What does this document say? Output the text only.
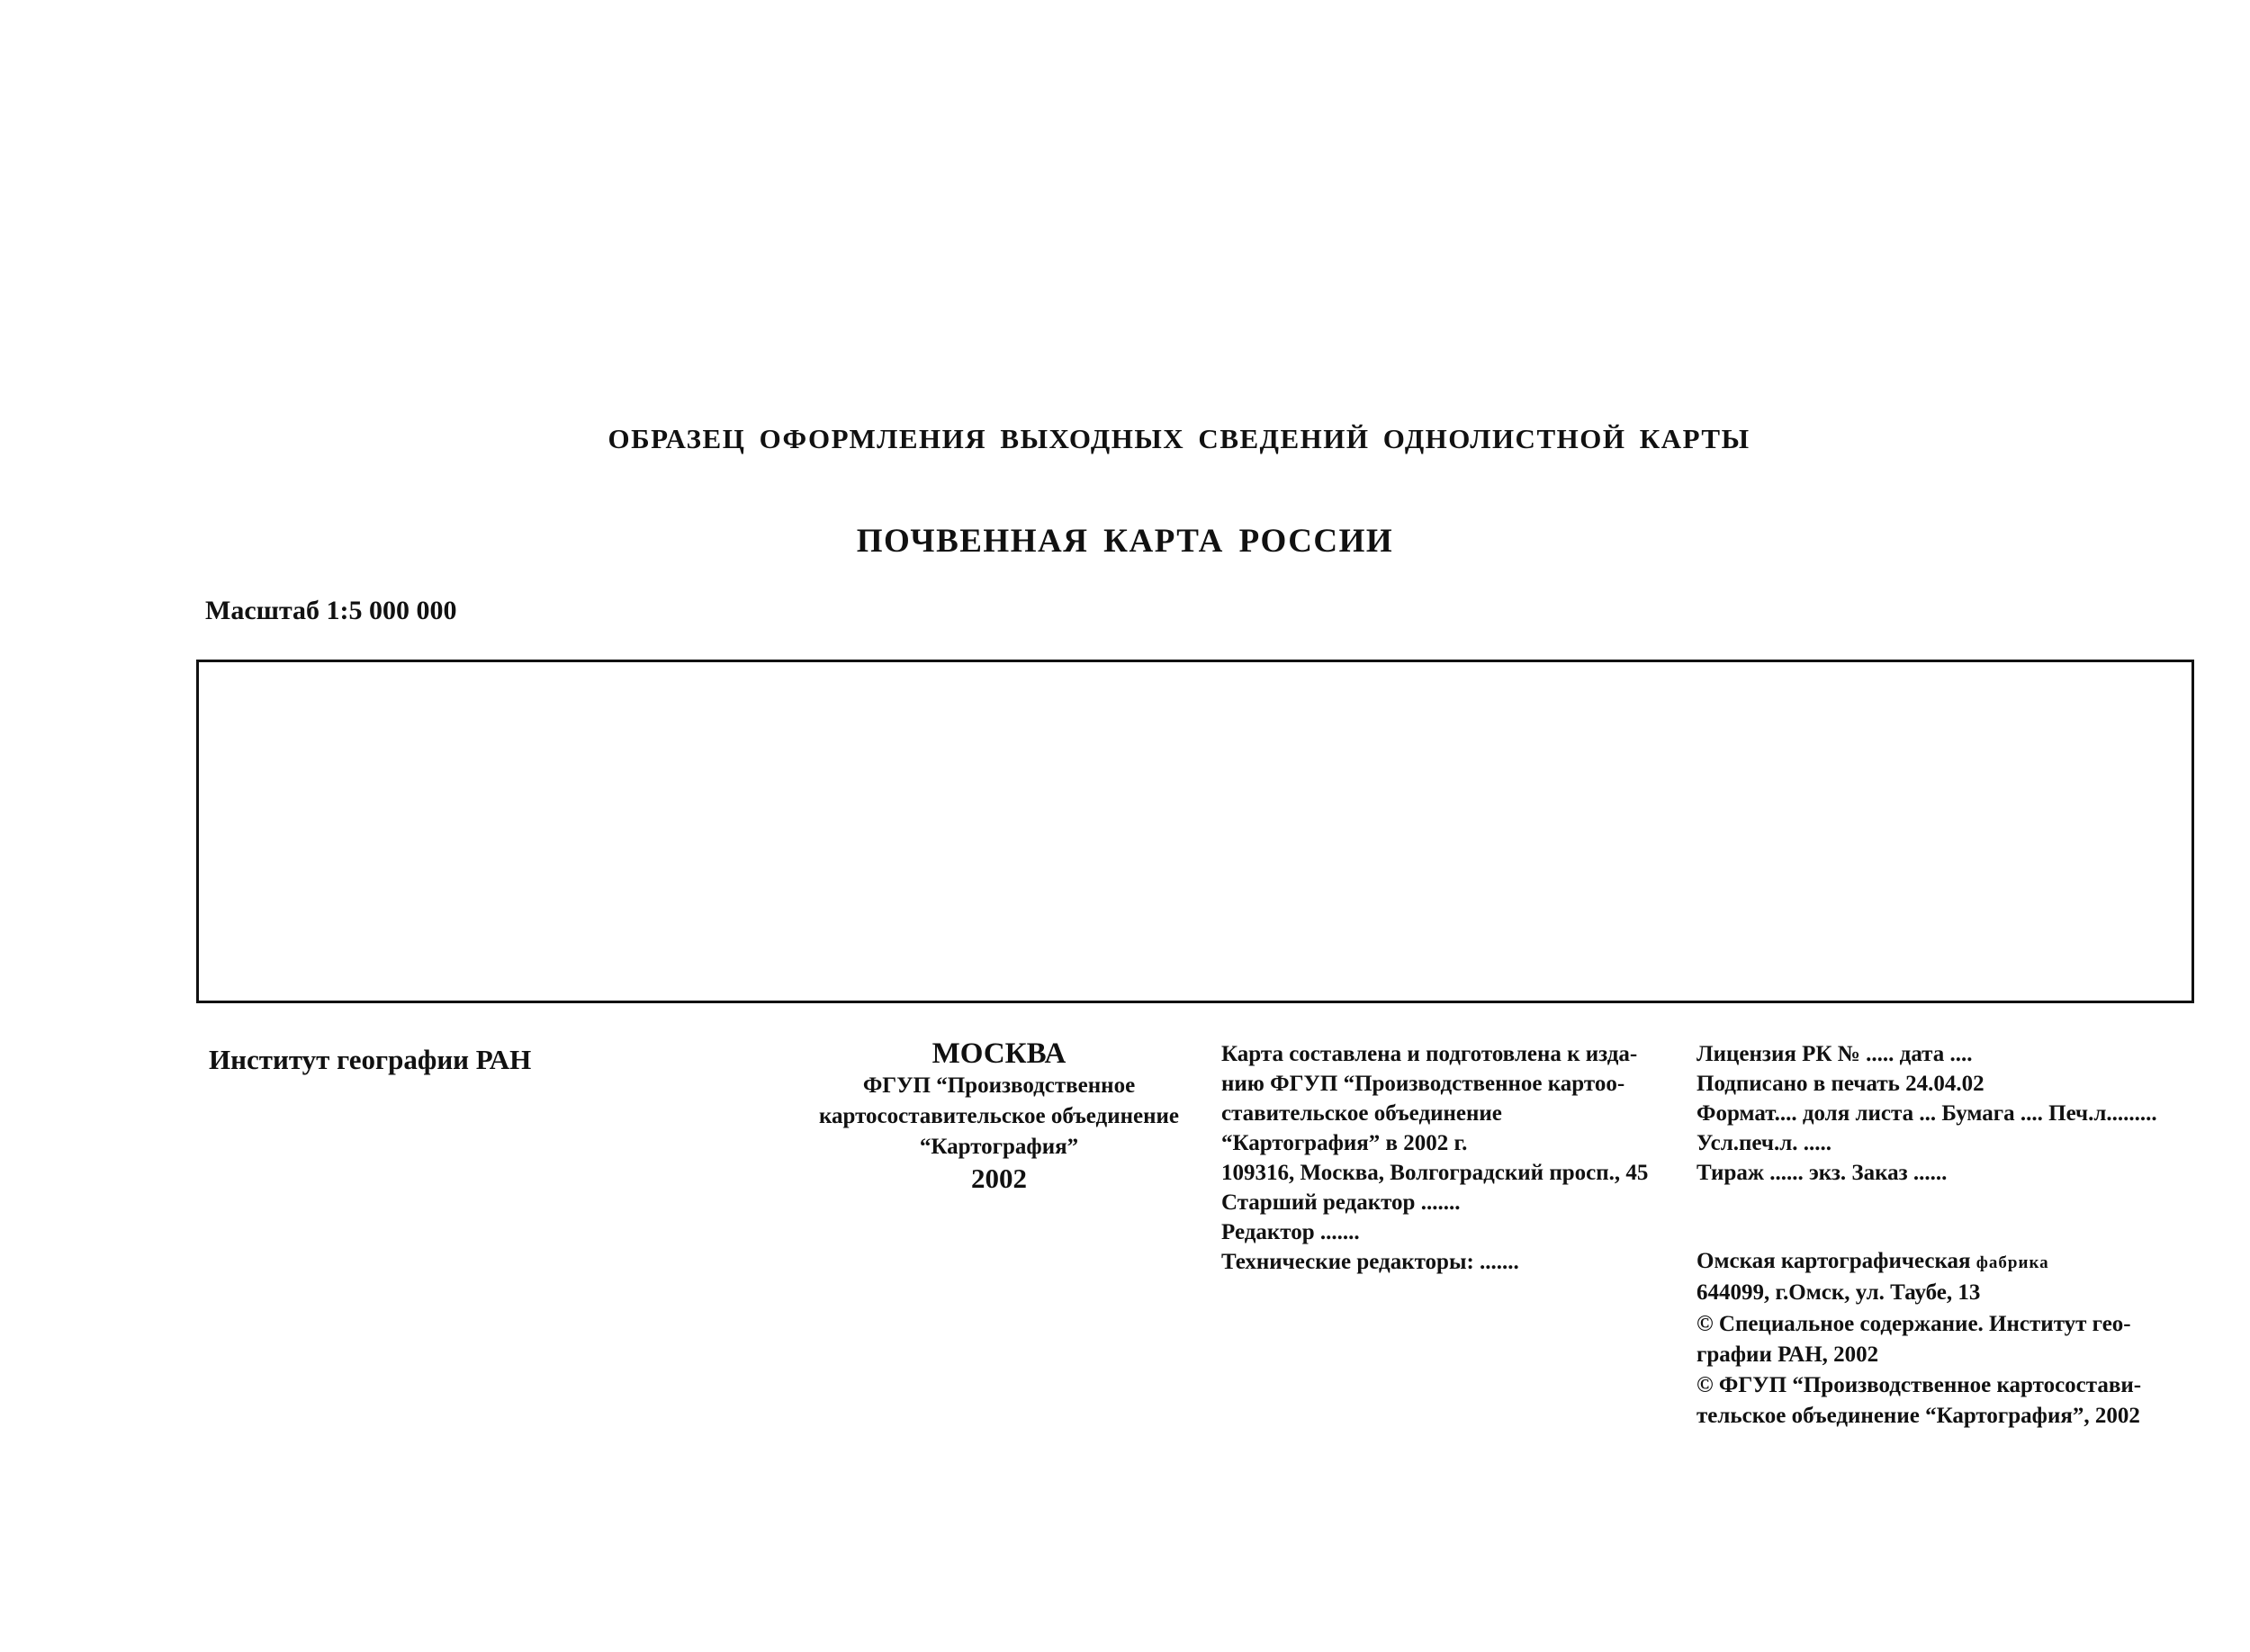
ОБРАЗЕЦ ОФОРМЛЕНИЯ ВЫХОДНЫХ СВЕДЕНИЙ ОДНОЛИСТНОЙ КАРТЫ
ПОЧВЕННАЯ КАРТА РОССИИ
Масштаб 1:5 000 000
Институт географии РАН	МОСКВА
ФГУП “Производственное
картосоставительское объединение
“Картография”
2002
Карта составлена и подготовлена к изда-
нию ФГУП “Производственное картоо-
ставительское объединение
“Картография” в 2002 г.
109316, Москва, Волгоградский просп., 45
Старший редактор .......
Редактор .......
Технические редакторы: .......
Лицензия РК № ..... дата ....
Подписано в печать 24.04.02
Формат.... доля листа ... Бумага .... Печ.л.........
Усл.печ.л. .....
Тираж ...... экз. Заказ ......
Омская картографическая фабрика
644099, г.Омск, ул. Таубе, 13
© Специальное содержание. Институт гео-
графии РАН, 2002
© ФГУП “Производственное картосостави-
тельское объединение “Картография”, 2002
